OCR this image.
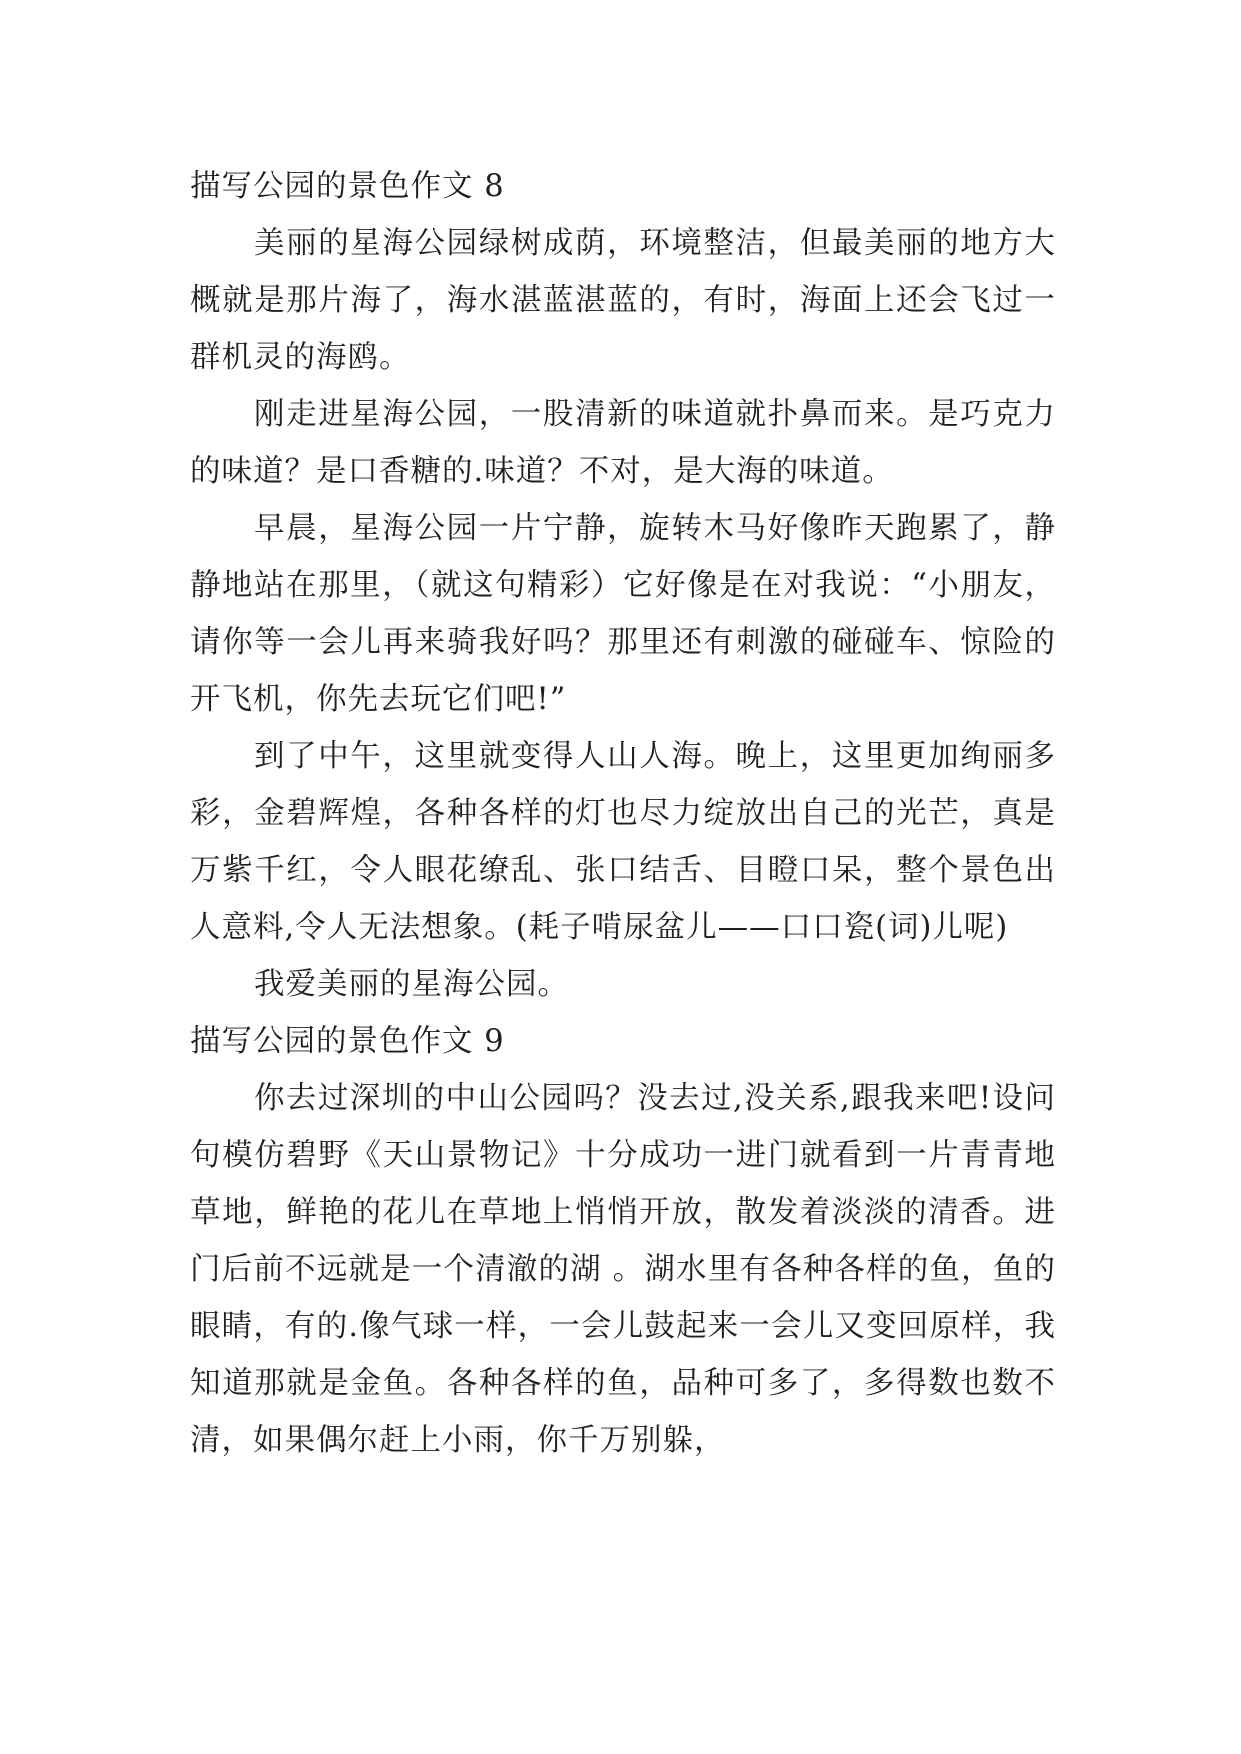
描写公园的景色作文 8

美丽的星海公园绿树成荫，环境整洁，但最美丽的地方大概就是那片海了，海水湛蓝湛蓝的，有时，海面上还会飞过一群机灵的海鸥。

刚走进星海公园，一股清新的味道就扑鼻而来。是巧克力的味道？是口香糖的.味道？不对，是大海的味道。

早晨，星海公园一片宁静，旋转木马好像昨天跑累了，静静地站在那里，（就这句精彩）它好像是在对我说：“小朋友，请你等一会儿再来骑我好吗？那里还有刺激的碰碰车、惊险的开飞机，你先去玩它们吧!”

到了中午，这里就变得人山人海。晚上，这里更加绚丽多彩，金碧辉煌，各种各样的灯也尽力绽放出自己的光芒，真是万紫千红，令人眼花缭乱、张口结舌、目瞪口呆，整个景色出人意料,令人无法想象。(耗子啃尿盆儿——口口瓷(词)儿呢)

我爱美丽的星海公园。

描写公园的景色作文 9

你去过深圳的中山公园吗？没去过,没关系,跟我来吧!设问句模仿碧野《天山景物记》十分成功一进门就看到一片青青地草地，鲜艳的花儿在草地上悄悄开放，散发着淡淡的清香。进门后前不远就是一个清澈的湖 。湖水里有各种各样的鱼，鱼的眼睛，有的.像气球一样，一会儿鼓起来一会儿又变回原样，我知道那就是金鱼。各种各样的鱼，品种可多了，多得数也数不清，如果偶尔赶上小雨，你千万别躲，
